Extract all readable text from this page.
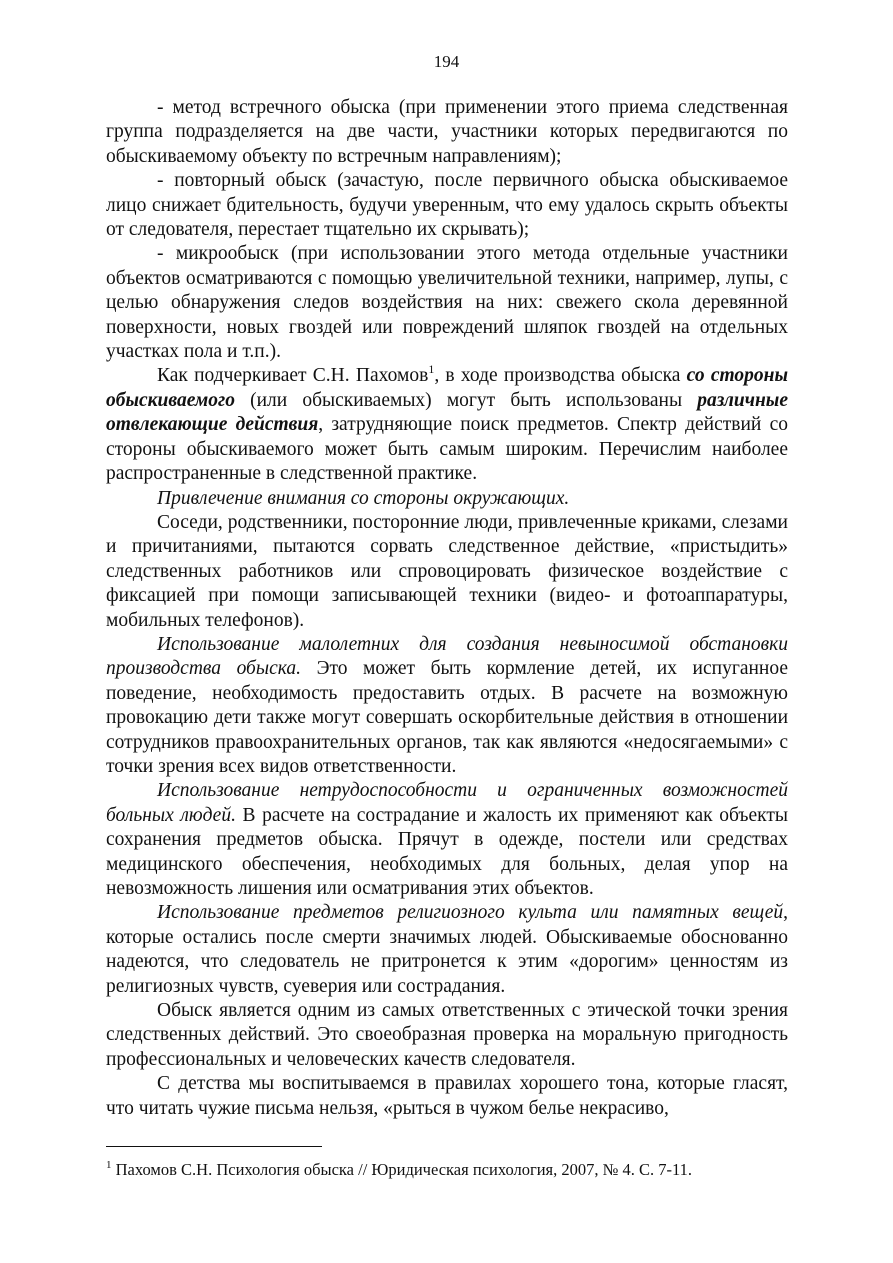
194

- метод встречного обыска (при применении этого приема следственная группа подразделяется на две части, участники которых передвигаются по обыскиваемому объекту по встречным направлениям);

- повторный обыск (зачастую, после первичного обыска обыскиваемое лицо снижает бдительность, будучи уверенным, что ему удалось скрыть объекты от следователя, перестает тщательно их скрывать);

- микрообыск (при использовании этого метода отдельные участники объектов осматриваются с помощью увеличительной техники, например, лупы, с целью обнаружения следов воздействия на них: свежего скола деревянной поверхности, новых гвоздей или повреждений шляпок гвоздей на отдельных участках пола и т.п.).

Как подчеркивает С.Н. Пахомов$^1$, в ходе производства обыска со стороны обыскиваемого (или обыскиваемых) могут быть использованы различные отвлекающие действия, затрудняющие поиск предметов. Спектр действий со стороны обыскиваемого может быть самым широким. Перечислим наиболее распространенные в следственной практике.

Привлечение внимания со стороны окружающих.

Соседи, родственники, посторонние люди, привлеченные криками, слезами и причитаниями, пытаются сорвать следственное действие, «пристыдить» следственных работников или спровоцировать физическое воздействие с фиксацией при помощи записывающей техники (видео- и фотоаппаратуры, мобильных телефонов).

Использование малолетних для создания невыносимой обстановки производства обыска. Это может быть кормление детей, их испуганное поведение, необходимость предоставить отдых. В расчете на возможную провокацию дети также могут совершать оскорбительные действия в отношении сотрудников правоохранительных органов, так как являются «недосягаемыми» с точки зрения всех видов ответственности.

Использование нетрудоспособности и ограниченных возможностей больных людей. В расчете на сострадание и жалость их применяют как объекты сохранения предметов обыска. Прячут в одежде, постели или средствах медицинского обеспечения, необходимых для больных, делая упор на невозможность лишения или осматривания этих объектов.

Использование предметов религиозного культа или памятных вещей, которые остались после смерти значимых людей. Обыскиваемые обоснованно надеются, что следователь не притронется к этим «дорогим» ценностям из религиозных чувств, суеверия или сострадания.

Обыск является одним из самых ответственных с этической точки зрения следственных действий. Это своеобразная проверка на моральную пригодность профессиональных и человеческих качеств следователя.

С детства мы воспитываемся в правилах хорошего тона, которые гласят, что читать чужие письма нельзя, «рыться в чужом белье некрасиво,

$^1$ Пахомов С.Н. Психология обыска // Юридическая психология, 2007, № 4. С. 7-11.
